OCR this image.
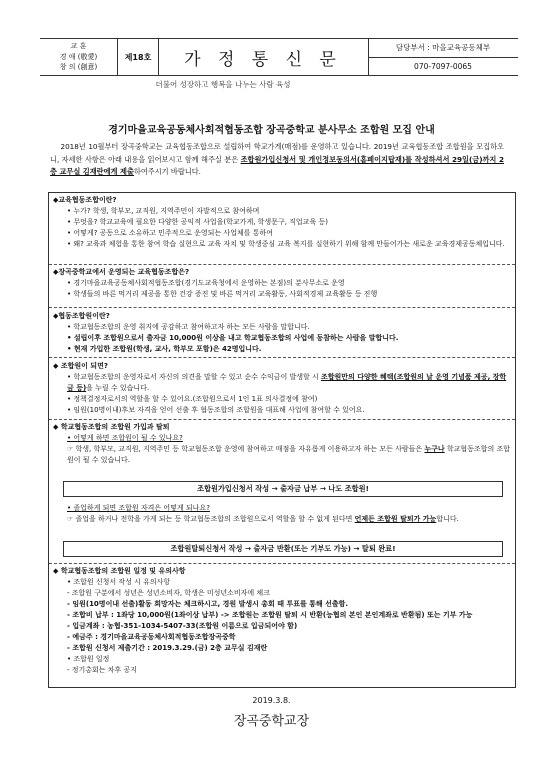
교 훈
경 애 (敬愛)
창 의 (創意)
제18호	가 정 통 신 문
담당부서 : 마을교육공동체부
070-7097-0065
더불어 성장하고 행복을 나누는 사람 육성
경기마을교육공동체사회적협동조합 장곡중학교 분사무소 조합원 모집 안내
2018년 10월부터 장곡중학교는 교육협동조합으로 설립하여 학교가게(매점)를 운영하고 있습니다. 2019년 교육협동조합 조합원을 모집하오니, 자세한 사항은 아래 내용을 읽어보시고 함께 해주실 분은 조합원가입신청서 및 개인정보동의서(홈페이지탑재)를 작성하셔서 29일(금)까지 2층 교무실 김재란에게 제출하여주시기 바랍니다.

◆교육협동조합이란?

• 누가? 학생, 학부모, 교직원, 지역주민이 자발적으로 참여하며

• 무엇을? 학교교육에 필요한 다양한 공익적 사업을(학교가게, 학생문구, 직업교육 등)

• 어떻게? 공동으로 소유하고 민주적으로 운영되는 사업체를 통하여

• 왜? 교육과 체험을 통한 참여 학습 실현으로 교육 자치 및 학생중심 교육 복지를 실현하기 위해 함께 만들어가는 새로운 교육경제공동체입니다.

◆장곡중학교에서 운영되는 교육협동조합은?

• 경기마을교육공동체사회적협동조합(경기도교육청에서 운영하는 본점)의 분사무소로 운영

• 학생들의 바른 먹거리 제공을 통한 건강 증진 및 바른 먹거리 교육활동, 사회적경제 교육활동 등 진행

◆협동조합원이란?

• 학교협동조합의 운영 취지에 공감하고 참여하고자 하는 모든 사람을 말합니다.

• 설립이후 조합원으로서 출자금 10,000원 이상을 내고 학교협동조합의 사업에 동참하는 사람을 말합니다.

• 현재 가입한 조합원(학생, 교사, 학부모 포함)은 42명입니다.

◆ 조합원이 되면?

• 학교협동조합의 운영자로서 자신의 의견을 말할 수 있고 순수 수익금이 발생할 시 조합원만의 다양한 혜택(조합원의 날 운영 기념품 제공, 장학금 등)을 누릴 수 있습니다.

• 정책결정자로서의 역할을 할 수 있어요.(조합원으로서 1인 1표 의사결정에 참여)

• 임원(10명이내)후보 자격을 얻어 선출 후 협동조합의 조합원을 대표해 사업에 참여할 수 있어요.

◆ 학교협동조합의 조합원 가입과 탈퇴

• 어떻게 하면 조합원이 될 수 있나요?

☞ 학생, 학부모, 교직원, 지역주민 등 학교협동조합 운영에 참여하고 매점을 자유롭게 이용하고자 하는 모든 사람들은 누구나 학교협동조합의 조합원이 될 수 있습니다.

조합원가입신청서 작성 → 출자금 납부 → 나도 조합원!

• 졸업하게 되면 조합원 자격은 어떻게 되나요?

☞ 졸업을 하거나 전학을 가게 되는 등 학교협동조합의 조합원으로서 역할을 할 수 없게 된다면 언제든 조합원 탈퇴가 가능합니다.

조합원탈퇴신청서 작성 → 출자금 반환(또는 기부도 가능) → 탈퇴 완료!

◆ 학교협동조합의 조합원 일정 및 유의사항

• 조합원 신청서 작성 시 유의사항

- 조합원 구분에서 성년은 성년소비자, 학생은 미성년소비자에 체크

- 임원(10명이내 선출)활동 희망자는 체크하시고, 경원 발생시 총회 때 투표를 통해 선출함.

- 조합비 납부 : 1좌당 10,000원(1좌이상 납부) -> 조합원는 조합원 탈퇴 시 반환(능협의 본인 본인계좌로 반환됨) 또는 기부 가능

- 입금계좌 : 농협-351-1034-5407-33(조합원 이름으로 입금되어야 함)

- 예금주 : 경기마을교육공동체사회적협동조합장곡중학

- 조합원 신청서 제출기간 : 2019.3.29.(금) 2층 교무실 김재란

• 조합원 일정

- 정기총회는 차후 공지

2019.3.8.
장곡중학교장
